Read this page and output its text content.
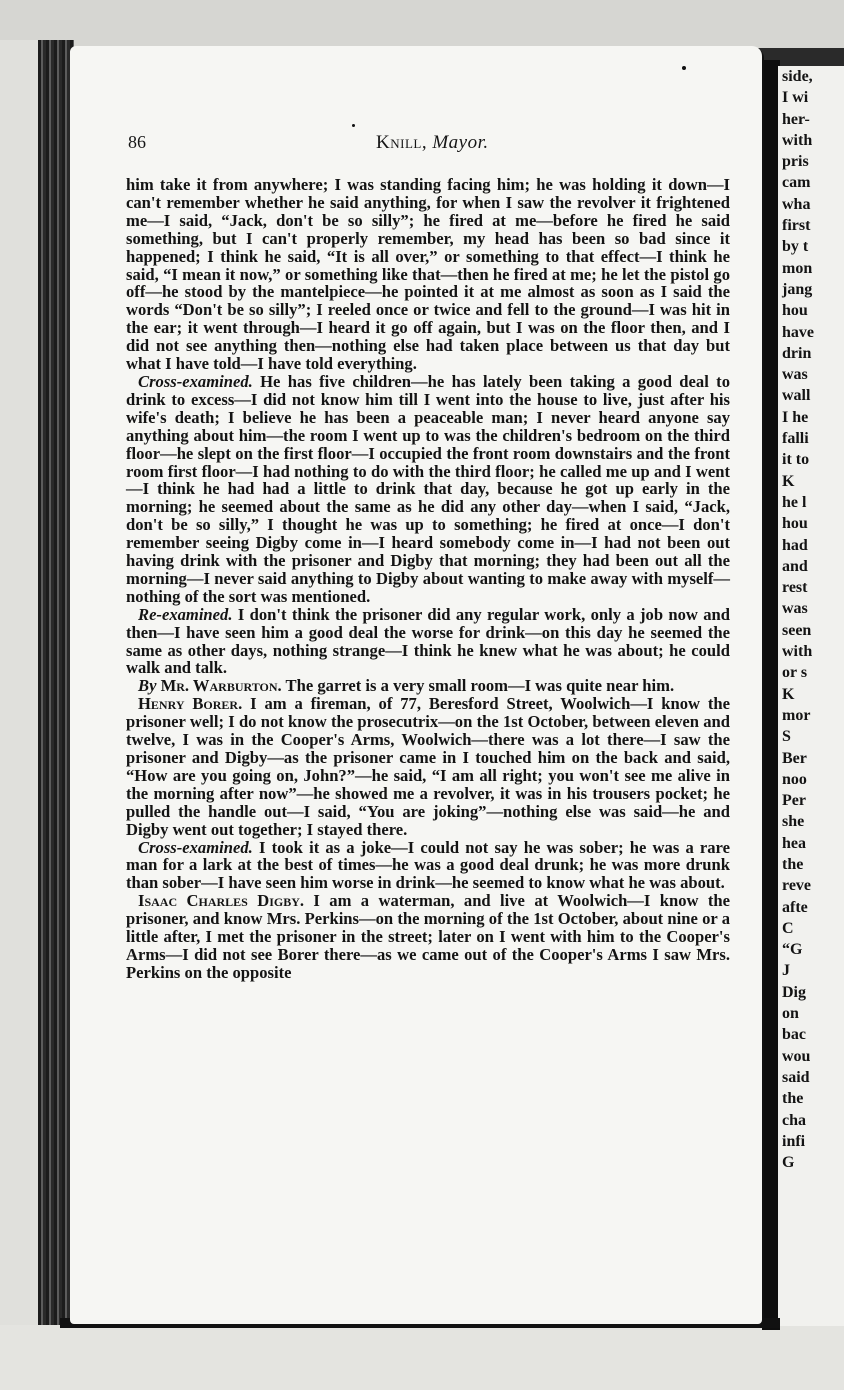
side,
I wi
her-
with
pris
cam
wha
first
by t
mon
jang
hou
have
drin
was
wall
I he
falli
it to
K
he l
hou
had
and
rest
was
seen
with
or s
K
mor
S
Ber
noo
Per
she
hea
the
reve
afte
C
“G
J
Dig
on
bac
wou
said
the
cha
infi
G
86	Knill, Mayor.

him take it from anywhere; I was standing facing him; he was holding it down—I can't remember whether he said anything, for when I saw the revolver it frightened me—I said, “Jack, don't be so silly”; he fired at me—before he fired he said something, but I can't properly remember, my head has been so bad since it happened; I think he said, “It is all over,” or something to that effect—I think he said, “I mean it now,” or something like that—then he fired at me; he let the pistol go off—he stood by the mantelpiece—he pointed it at me almost as soon as I said the words “Don't be so silly”; I reeled once or twice and fell to the ground—I was hit in the ear; it went through—I heard it go off again, but I was on the floor then, and I did not see anything then—nothing else had taken place between us that day but what I have told—I have told everything.

Cross-examined. He has five children—he has lately been taking a good deal to drink to excess—I did not know him till I went into the house to live, just after his wife's death; I believe he has been a peaceable man; I never heard anyone say anything about him—the room I went up to was the children's bedroom on the third floor—he slept on the first floor—I occupied the front room downstairs and the front room first floor—I had nothing to do with the third floor; he called me up and I went—I think he had had a little to drink that day, because he got up early in the morning; he seemed about the same as he did any other day—when I said, “Jack, don't be so silly,” I thought he was up to something; he fired at once—I don't remember seeing Digby come in—I heard somebody come in—I had not been out having drink with the prisoner and Digby that morning; they had been out all the morning—I never said anything to Digby about wanting to make away with myself—nothing of the sort was mentioned.

Re-examined. I don't think the prisoner did any regular work, only a job now and then—I have seen him a good deal the worse for drink—on this day he seemed the same as other days, nothing strange—I think he knew what he was about; he could walk and talk.

By Mr. Warburton. The garret is a very small room—I was quite near him.

Henry Borer. I am a fireman, of 77, Beresford Street, Woolwich—I know the prisoner well; I do not know the prosecutrix—on the 1st October, between eleven and twelve, I was in the Cooper's Arms, Woolwich—there was a lot there—I saw the prisoner and Digby—as the prisoner came in I touched him on the back and said, “How are you going on, John?”—he said, “I am all right; you won't see me alive in the morning after now”—he showed me a revolver, it was in his trousers pocket; he pulled the handle out—I said, “You are joking”—nothing else was said—he and Digby went out together; I stayed there.

Cross-examined. I took it as a joke—I could not say he was sober; he was a rare man for a lark at the best of times—he was a good deal drunk; he was more drunk than sober—I have seen him worse in drink—he seemed to know what he was about.

Isaac Charles Digby. I am a waterman, and live at Woolwich—I know the prisoner, and know Mrs. Perkins—on the morning of the 1st October, about nine or a little after, I met the prisoner in the street; later on I went with him to the Cooper's Arms—I did not see Borer there—as we came out of the Cooper's Arms I saw Mrs. Perkins on the opposite
